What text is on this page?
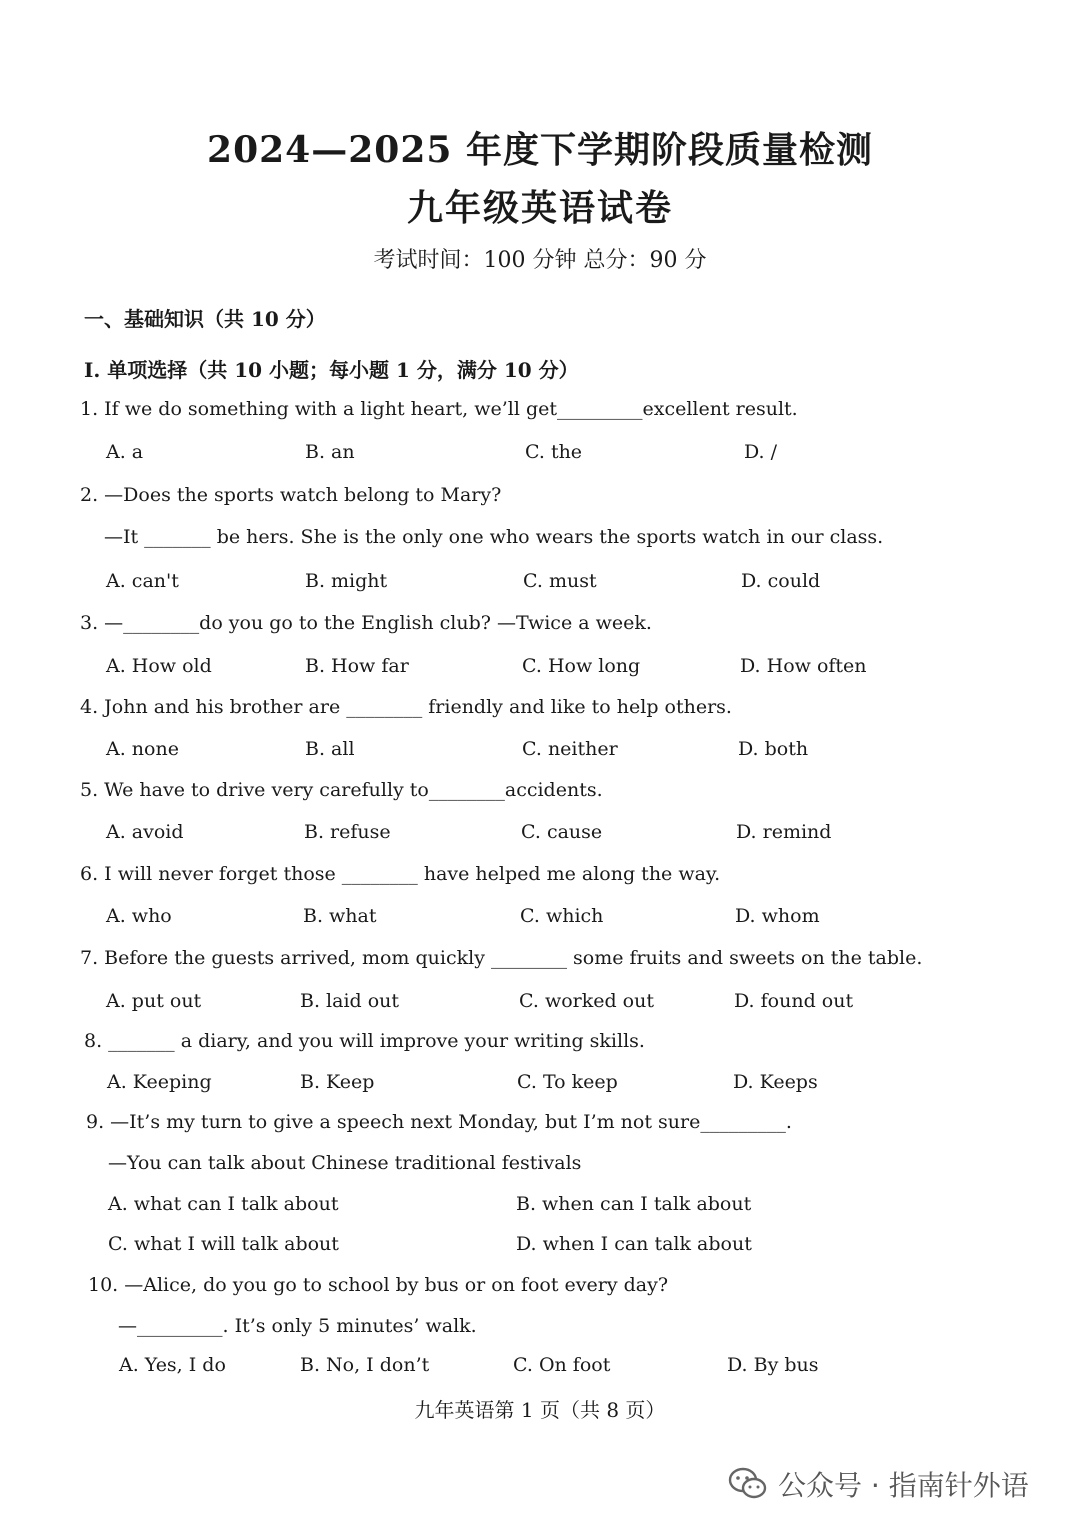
2024—2025 年度下学期阶段质量检测
九年级英语试卷
考试时间：100 分钟 总分：90 分
一、基础知识（共 10 分）
I. 单项选择（共 10 小题；每小题 1 分，满分 10 分）
1. If we do something with a light heart, we’ll get_________excellent result.
A. a	B. an	C. the	D. /
2. —Does the sports watch belong to Mary?
—It _______ be hers. She is the only one who wears the sports watch in our class.
A. can't	B. might	C. must	D. could
3. —________do you go to the English club? —Twice a week.
A. How old	B. How far	C. How long	D. How often
4. John and his brother are ________ friendly and like to help others.
A. none	B. all	C. neither	D. both
5. We have to drive very carefully to________accidents.
A. avoid	B. refuse	C. cause	D. remind
6. I will never forget those ________ have helped me along the way.
A. who	B. what	C. which	D. whom
7. Before the guests arrived, mom quickly ________ some fruits and sweets on the table.
A. put out	B. laid out	C. worked out	D. found out
8. _______ a diary, and you will improve your writing skills.
A. Keeping	B. Keep	C. To keep	D. Keeps
9. —It’s my turn to give a speech next Monday, but I’m not sure_________.
—You can talk about Chinese traditional festivals
A. what can I talk about	B. when can I talk about
C. what I will talk about	D. when I can talk about
10. —Alice, do you go to school by bus or on foot every day?
—_________. It’s only 5 minutes’ walk.
A. Yes, I do	B. No, I don’t	C. On foot	D. By bus
九年英语第 1 页（共 8 页）
公众号 · 指南针外语
